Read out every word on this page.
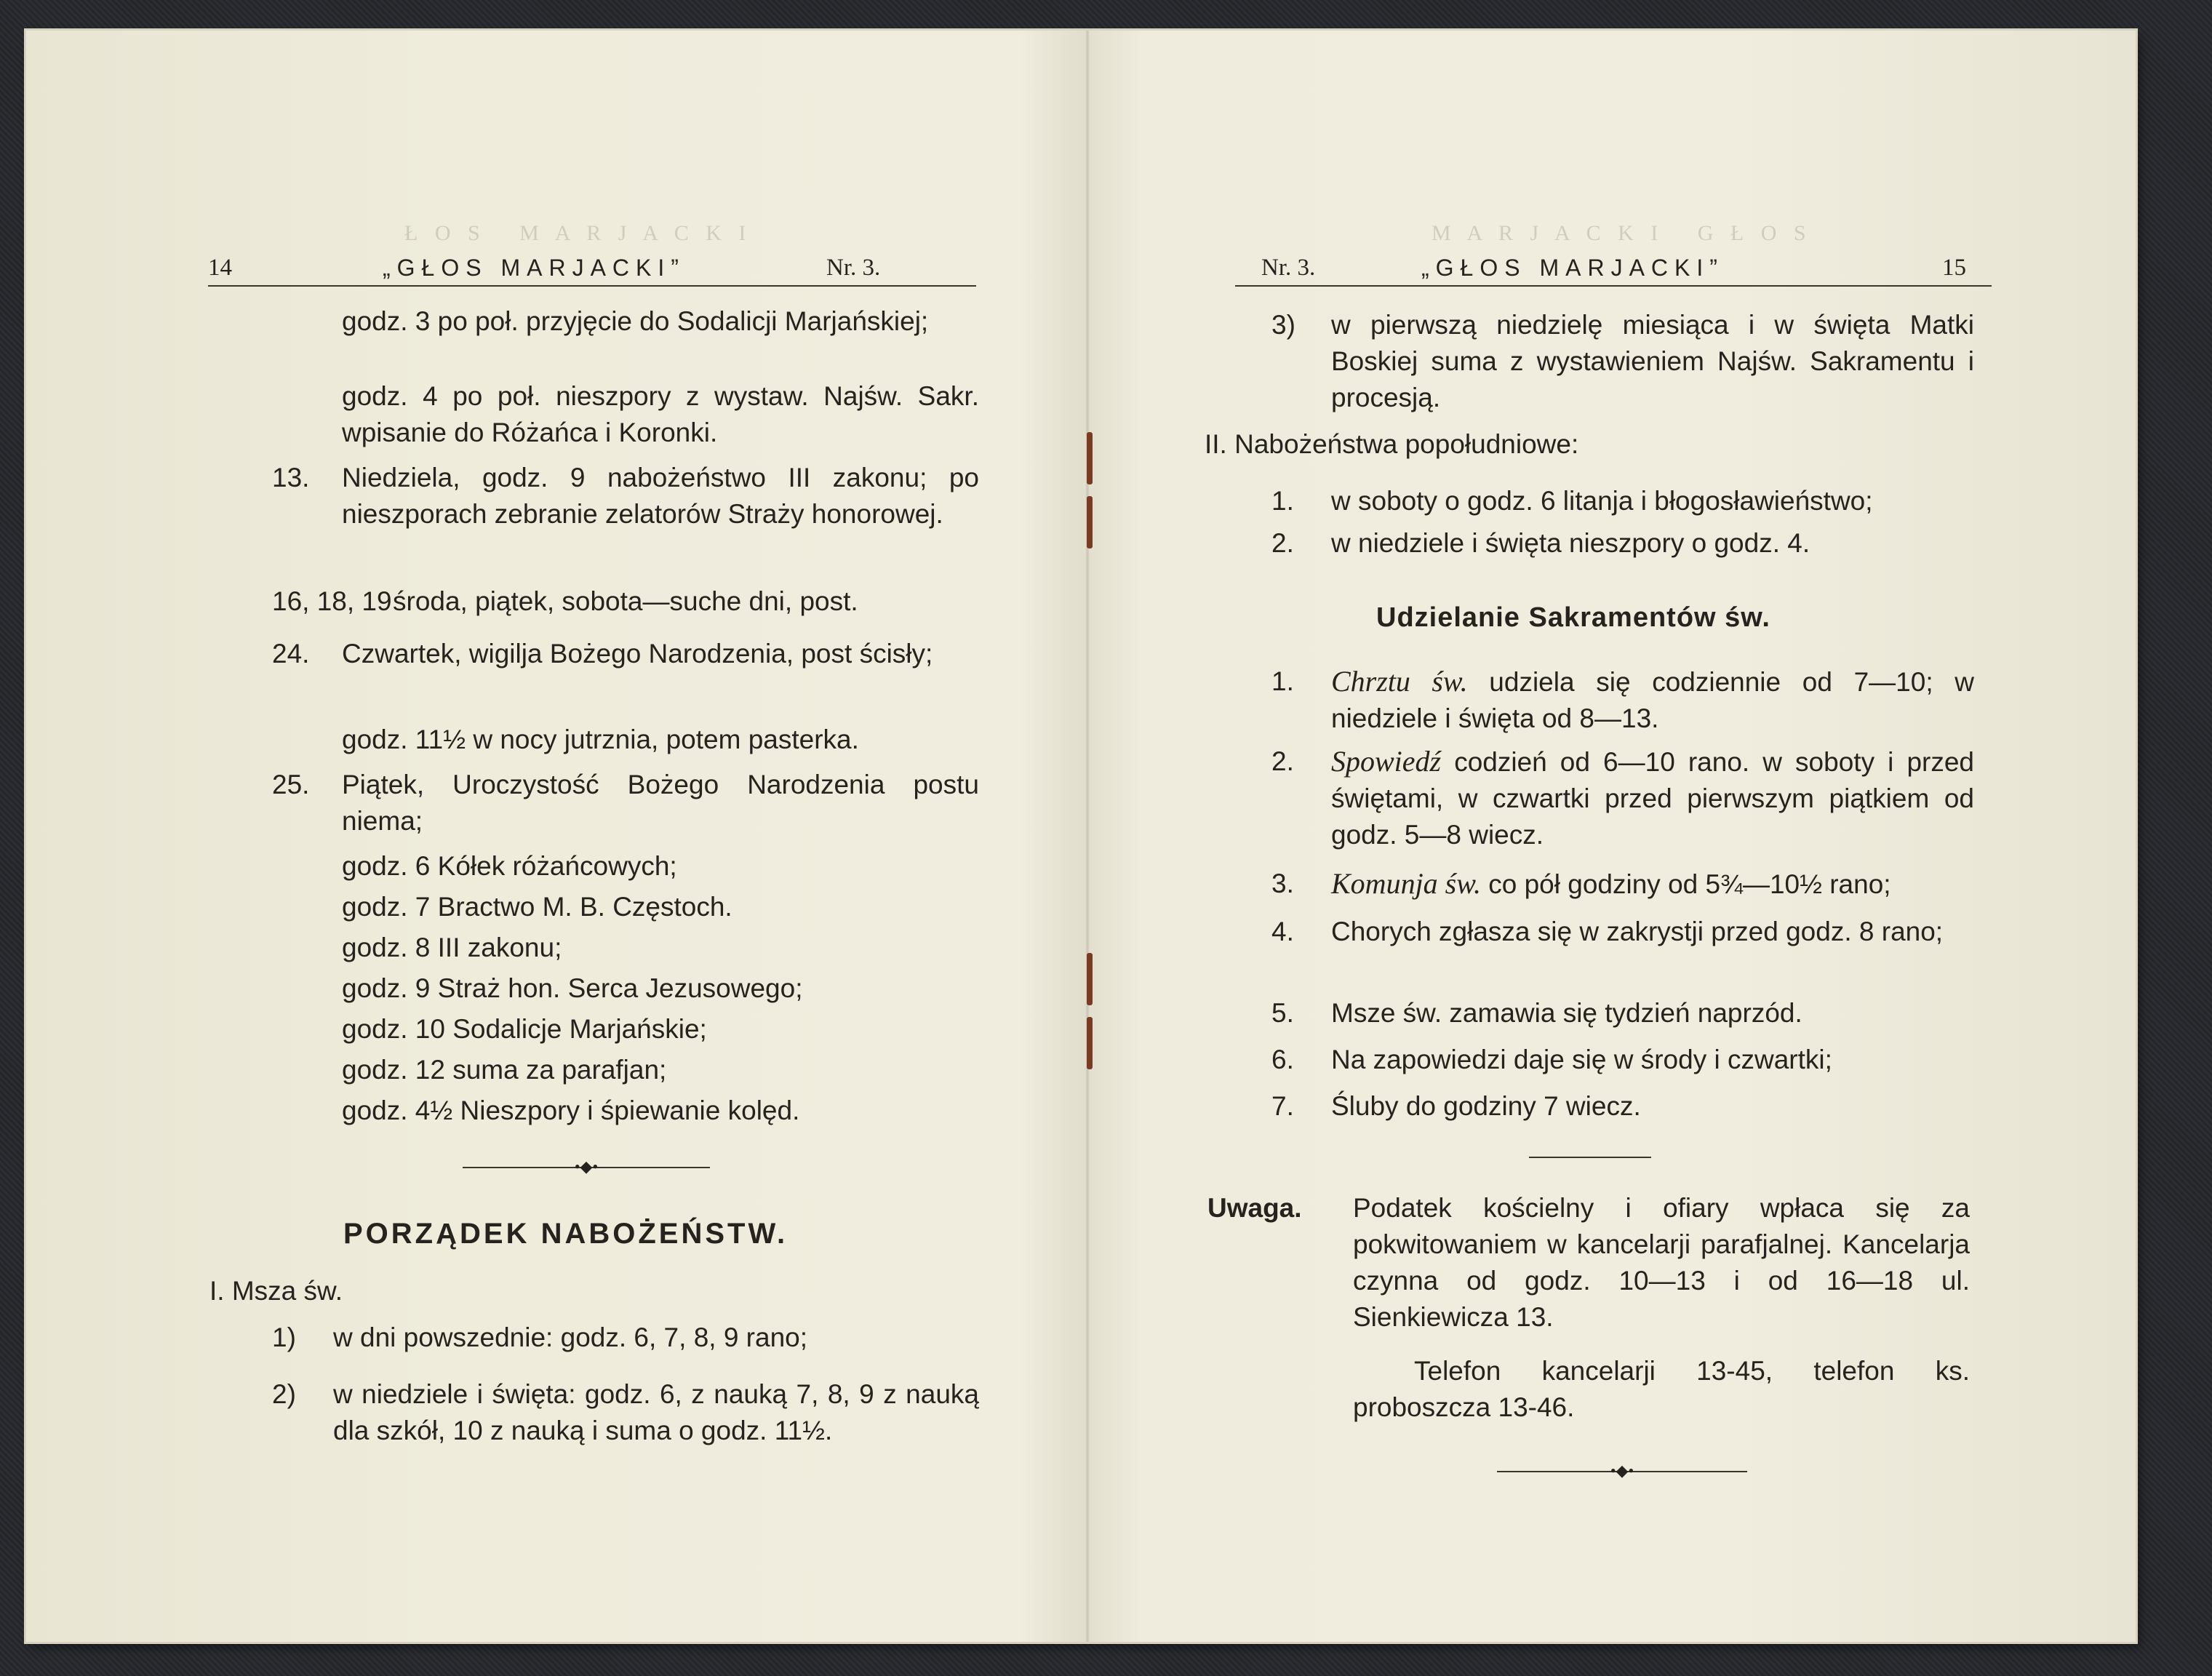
Ł O S   M A R J A C K I
14	„GŁOS MARJACKI”	Nr. 3.
godz. 3 po poł. przyjęcie do Sodalicji Marjańskiej;
godz. 4 po poł. nieszpory z wystaw. Najśw. Sakr. wpisanie do Różańca i Koronki.
13. Niedziela, godz. 9 nabożeństwo III zakonu; po nieszporach zebranie zelatorów Straży honorowej.
16, 18, 19 środa, piątek, sobota—suche dni, post.
24. Czwartek, wigilja Bożego Narodzenia, post ścisły;
godz. 11½ w nocy jutrznia, potem pasterka.
25. Piątek, Uroczystość Bożego Narodzenia postu niema;
godz. 6 Kółek różańcowych;
godz. 7 Bractwo M. B. Częstoch.
godz. 8 III zakonu;
godz. 9 Straż hon. Serca Jezusowego;
godz. 10 Sodalicje Marjańskie;
godz. 12 suma za parafjan;
godz. 4½ Nieszpory i śpiewanie kolęd.
•◆•
PORZĄDEK NABOŻEŃSTW.
I. Msza św.
1) w dni powszednie: godz. 6, 7, 8, 9 rano;
2) w niedziele i święta: godz. 6, z nauką 7, 8, 9 z nauką dla szkół, 10 z nauką i suma o godz. 11½.
M A R J A C K I   G Ł O S
Nr. 3.	„GŁOS MARJACKI”	15
3) w pierwszą niedzielę miesiąca i w święta Matki Boskiej suma z wystawieniem Najśw. Sakramentu i procesją.
II. Nabożeństwa popołudniowe:
1. w soboty o godz. 6 litanja i błogosławieństwo;
2. w niedziele i święta nieszpory o godz. 4.
Udzielanie Sakramentów św.
1. Chrztu św. udziela się codziennie od 7—10; w niedziele i święta od 8—13.
2. Spowiedź codzień od 6—10 rano. w soboty i przed świętami, w czwartki przed pierwszym piątkiem od godz. 5—8 wiecz.
3. Komunja św. co pół godziny od 5¾—10½ rano;
4. Chorych zgłasza się w zakrystji przed godz. 8 rano;
5. Msze św. zamawia się tydzień naprzód.
6. Na zapowiedzi daje się w środy i czwartki;
7. Śluby do godziny 7 wiecz.
Uwaga. Podatek kościelny i ofiary wpłaca się za pokwitowaniem w kancelarji parafjalnej. Kancelarja czynna od godz. 10—13 i od 16—18 ul. Sienkiewicza 13.
Telefon kancelarji 13-45, telefon ks. proboszcza 13-46.
•◆•
